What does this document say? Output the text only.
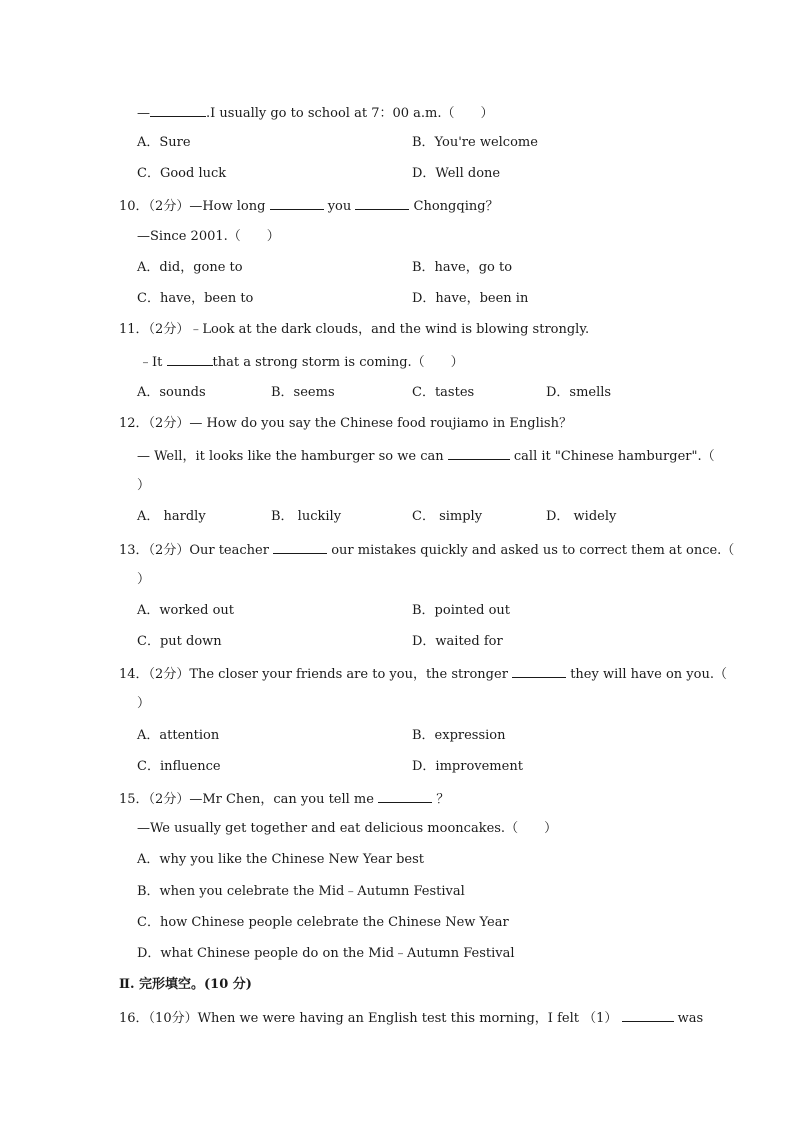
—	.I usually go to school at 7：00 a.m.（　　）
A．Sure	B．You're welcome
C．Good luck	D．Well done
10．（2分）—How long	you	Chongqing？
—Since 2001.（　　）
A．did，gone to	B．have，go to
C．have，been to	D．have，been in
11．（2分）﹣Look at the dark clouds，and the wind is blowing strongly.
﹣It	that a strong storm is coming.（　　）
A．sounds	B．seems	C．tastes	D．smells
12．（2分）— How do you say the Chinese food roujiamo in English？
— Well，it looks like the hamburger so we can	call it "Chinese hamburger".（
）
A． hardly	B． luckily	C． simply	D． widely
13．（2分）Our teacher	our mistakes quickly and asked us to correct them at once.（
）
A．worked out	B．pointed out
C．put down	D．waited for
14．（2分）The closer your friends are to you，the stronger	they will have on you.（
）
A．attention	B．expression
C．influence	D．improvement
15．（2分）—Mr Chen，can you tell me	？
—We usually get together and eat delicious mooncakes.（　　）
A．why you like the Chinese New Year best
B．when you celebrate the Mid﹣Autumn Festival
C．how Chinese people celebrate the Chinese New Year
D．what Chinese people do on the Mid﹣Autumn Festival
Ⅱ. 完形填空。(10 分)
16．（10分）When we were having an English test this morning，I felt （1）	was
